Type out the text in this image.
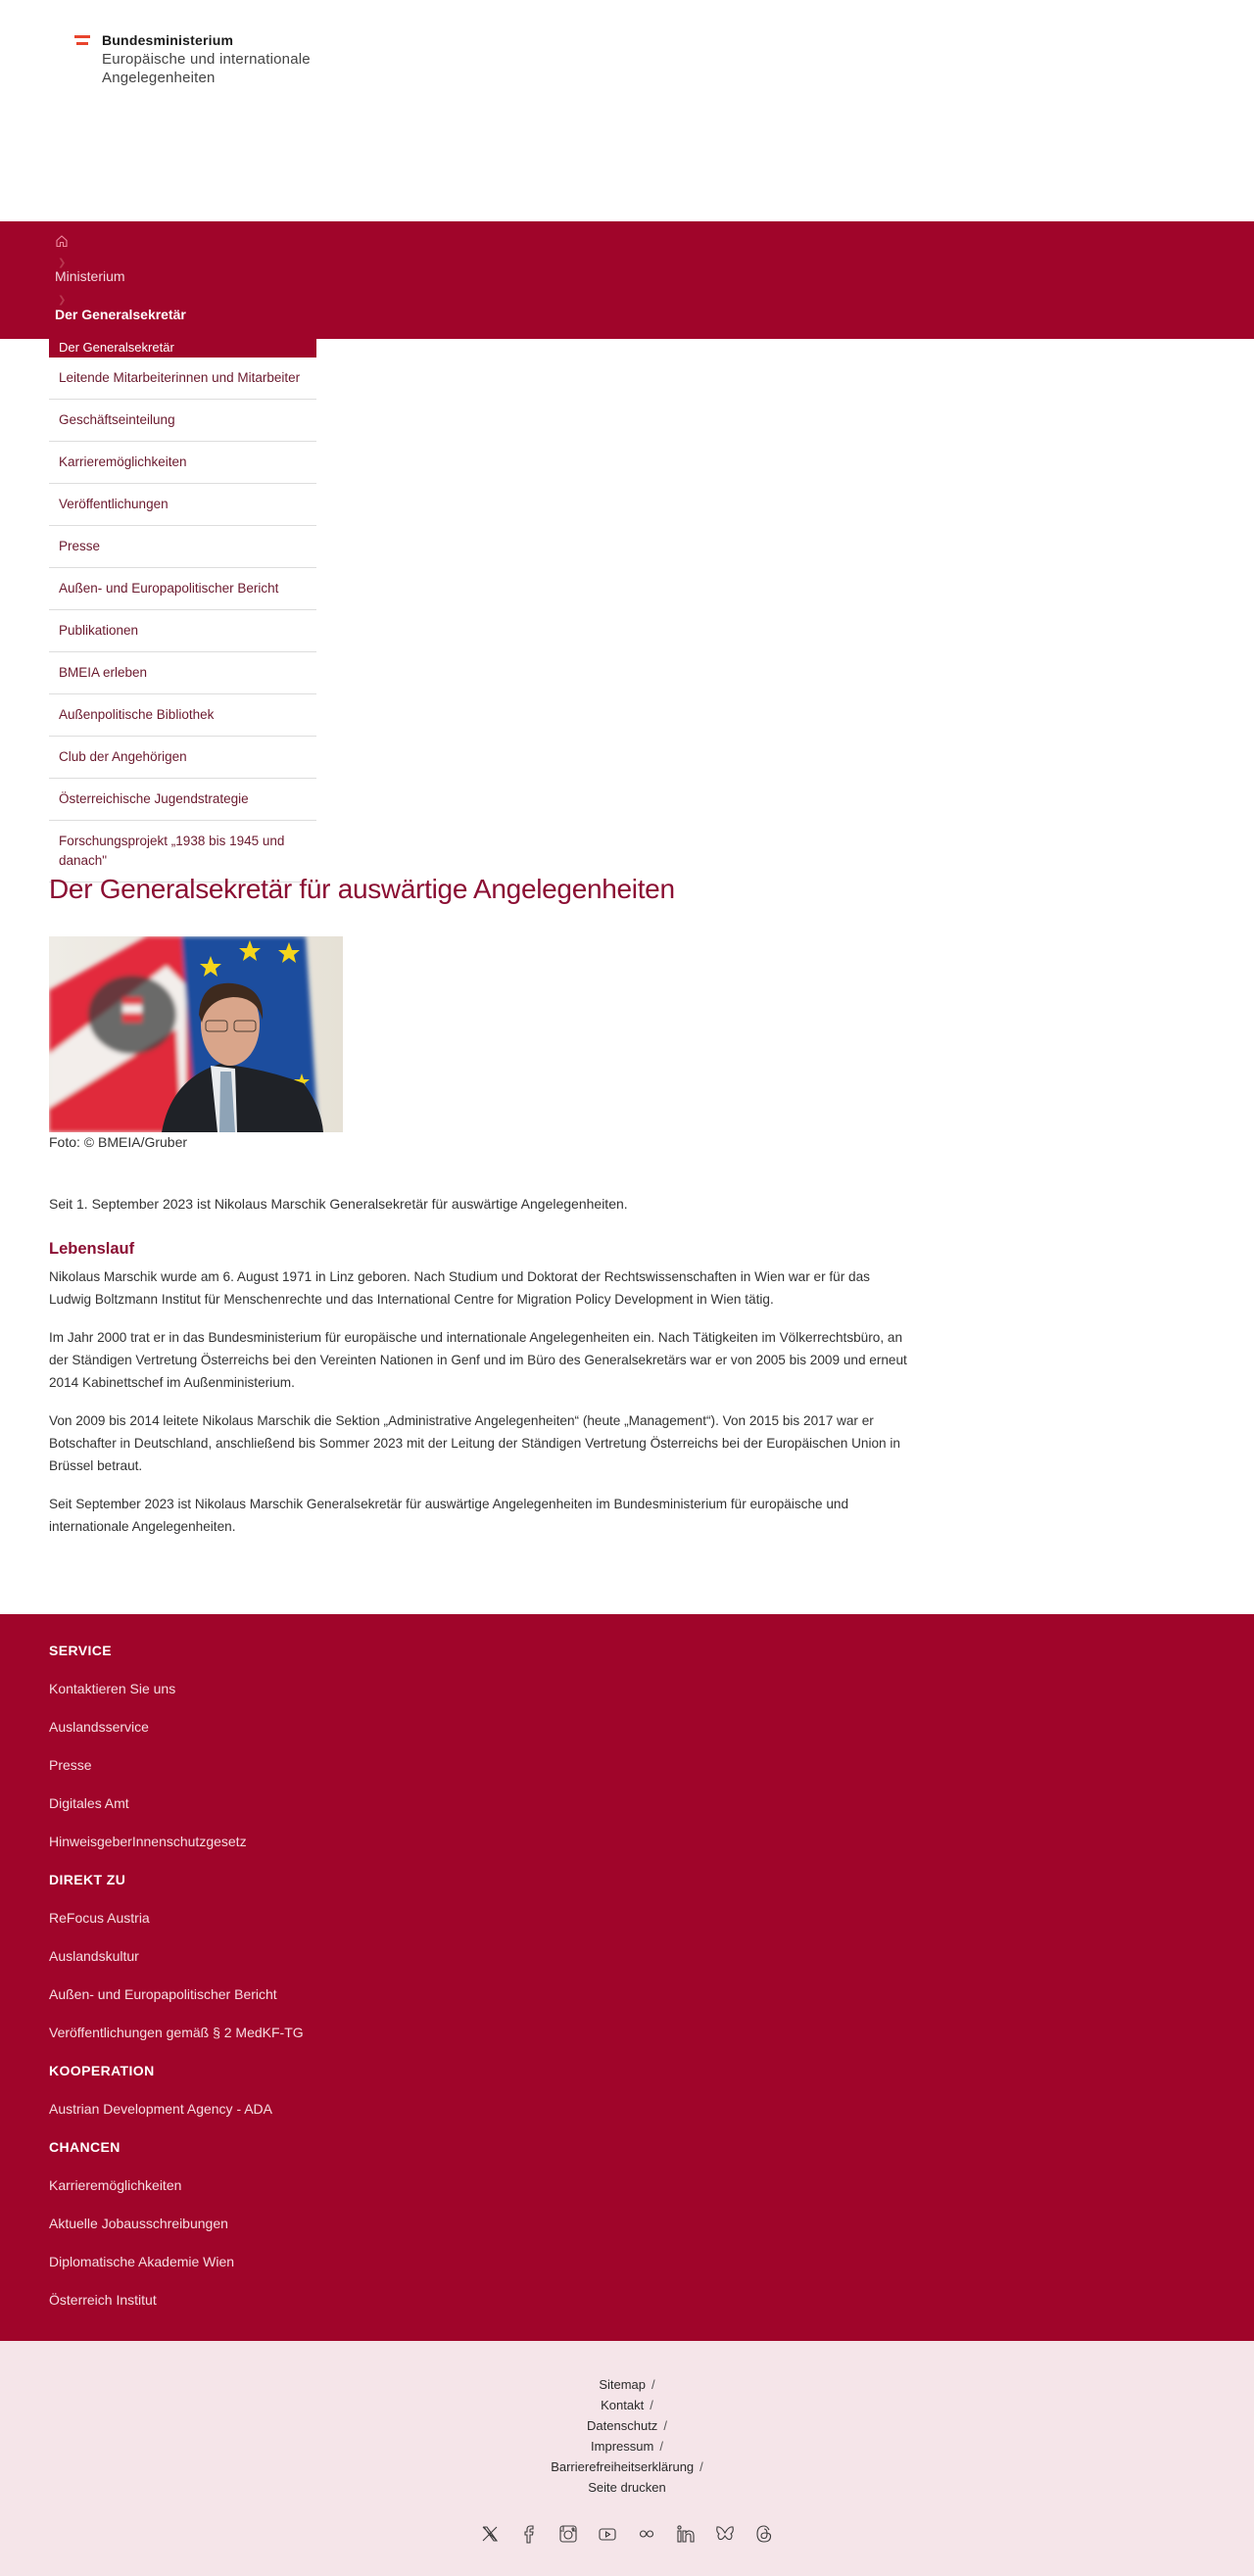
Bundesministerium
Europäische und internationale
Angelegenheiten
Der Generalsekretär
Leitende Mitarbeiterinnen und Mitarbeiter
Geschäftseinteilung
Karrieremöglichkeiten
Veröffentlichungen
Presse
Außen- und Europapolitischer Bericht
Publikationen
BMEIA erleben
Außenpolitische Bibliothek
Club der Angehörigen
Österreichische Jugendstrategie
Forschungsprojekt „1938 bis 1945 und danach"
❯
Ministerium
❯
Der Generalsekretär
Der Generalsekretär für auswärtige Angelegenheiten

Foto: © BMEIA/Gruber

Seit 1. September 2023 ist Nikolaus Marschik Generalsekretär für auswärtige Angelegenheiten.

Lebenslauf

Nikolaus Marschik wurde am 6. August 1971 in Linz geboren. Nach Studium und Doktorat der Rechtswissenschaften in Wien war er für das Ludwig Boltzmann Institut für Menschenrechte und das International Centre for Migration Policy Development in Wien tätig.

Im Jahr 2000 trat er in das Bundesministerium für europäische und internationale Angelegenheiten ein. Nach Tätigkeiten im Völkerrechtsbüro, an der Ständigen Vertretung Österreichs bei den Vereinten Nationen in Genf und im Büro des Generalsekretärs war er von 2005 bis 2009 und erneut 2014 Kabinettschef im Außenministerium.

Von 2009 bis 2014 leitete Nikolaus Marschik die Sektion „Administrative Angelegenheiten“ (heute „Management“). Von 2015 bis 2017 war er Botschafter in Deutschland, anschließend bis Sommer 2023 mit der Leitung der Ständigen Vertretung Österreichs bei der Europäischen Union in Brüssel betraut.

Seit September 2023 ist Nikolaus Marschik Generalsekretär für auswärtige Angelegenheiten im Bundesministerium für europäische und internationale Angelegenheiten.

SERVICE
Kontaktieren Sie uns
Auslandsservice
Presse
Digitales Amt
HinweisgeberInnenschutzgesetz
DIREKT ZU
ReFocus Austria
Auslandskultur
Außen- und Europapolitischer Bericht
Veröffentlichungen gemäß § 2 MedKF-TG
KOOPERATION
Austrian Development Agency - ADA
CHANCEN
Karrieremöglichkeiten
Aktuelle Jobausschreibungen
Diplomatische Akademie Wien
Österreich Institut
Sitemap /
Kontakt /
Datenschutz /
Impressum /
Barrierefreiheitserklärung /
Seite drucken
